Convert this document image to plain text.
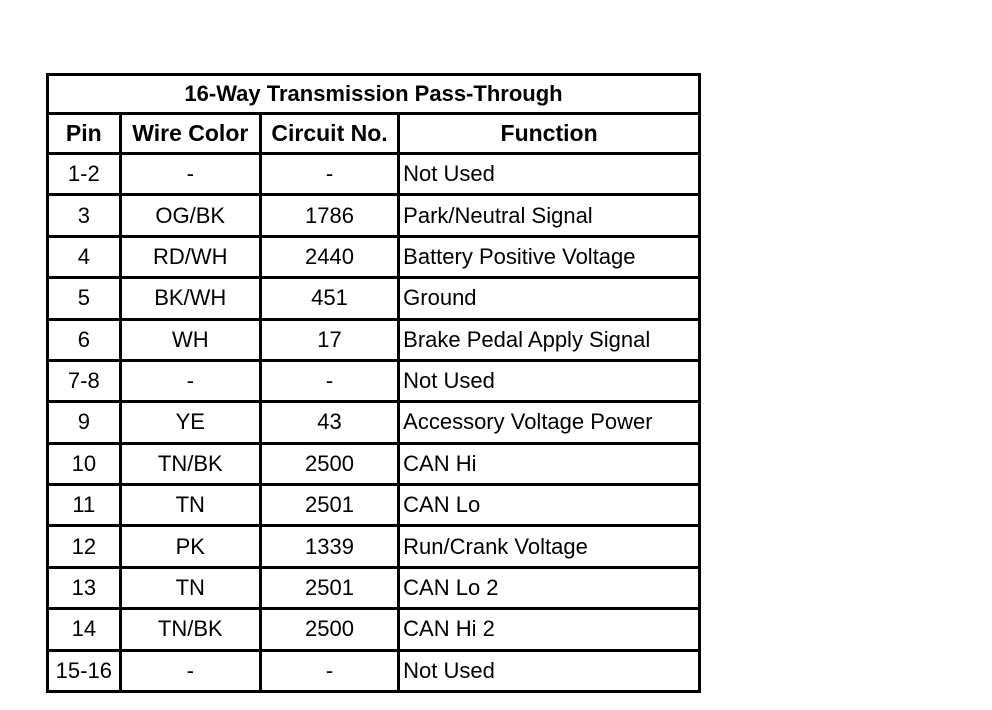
16-Way Transmission Pass-Through			
Pin	Wire Color	Circuit No.	Function
1-2	-	-	Not Used
3	OG/BK	1786	Park/Neutral Signal
4	RD/WH	2440	Battery Positive Voltage
5	BK/WH	451	Ground
6	WH	17	Brake Pedal Apply Signal
7-8	-	-	Not Used
9	YE	43	Accessory Voltage Power
10	TN/BK	2500	CAN Hi
11	TN	2501	CAN Lo
12	PK	1339	Run/Crank Voltage
13	TN	2501	CAN Lo 2
14	TN/BK	2500	CAN Hi 2
15-16	-	-	Not Used
